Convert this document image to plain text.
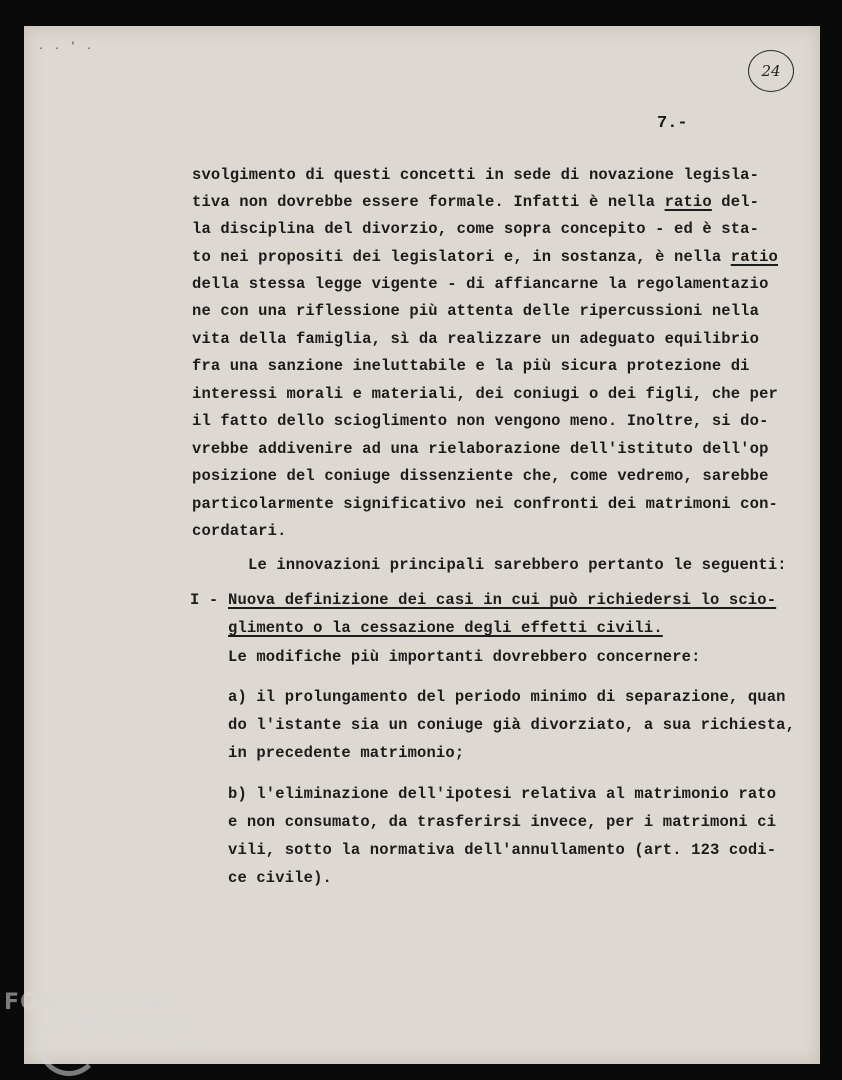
. . ' .
24
7.-
svolgimento di questi concetti in sede di novazione legisla-
tiva non dovrebbe essere formale. Infatti è nella ratio del-
la disciplina del divorzio, come sopra concepito - ed è sta-
to nei propositi dei legislatori e, in sostanza, è nella ratio
della stessa legge vigente - di affiancarne la regolamentazio
ne con una riflessione più attenta delle ripercussioni nella
vita della famiglia, sì da realizzare un adeguato equilibrio
fra una sanzione ineluttabile e la più sicura protezione di
interessi morali e materiali, dei coniugi o dei figli, che per
il fatto dello scioglimento non vengono meno. Inoltre, si do-
vrebbe addivenire ad una rielaborazione dell'istituto dell'op
posizione del coniuge dissenziente che, come vedremo, sarebbe
particolarmente significativo nei confronti dei matrimoni con-
cordatari.
Le innovazioni principali sarebbero pertanto le seguenti:
I - Nuova definizione dei casi in cui può richiedersi lo scio-
glimento o la cessazione degli effetti civili.
Le modifiche più importanti dovrebbero concernere:
a) il prolungamento del periodo minimo di separazione, quan
do l'istante sia un coniuge già divorziato, a sua richiesta,
in precedente matrimonio;
b) l'eliminazione dell'ipotesi relativa al matrimonio rato
e non consumato, da trasferirsi invece, per i matrimoni ci
vili, sotto la normativa dell'annullamento (art. 123 codi-
ce civile).
FONDAZIONE
RAMSCI
onlus
